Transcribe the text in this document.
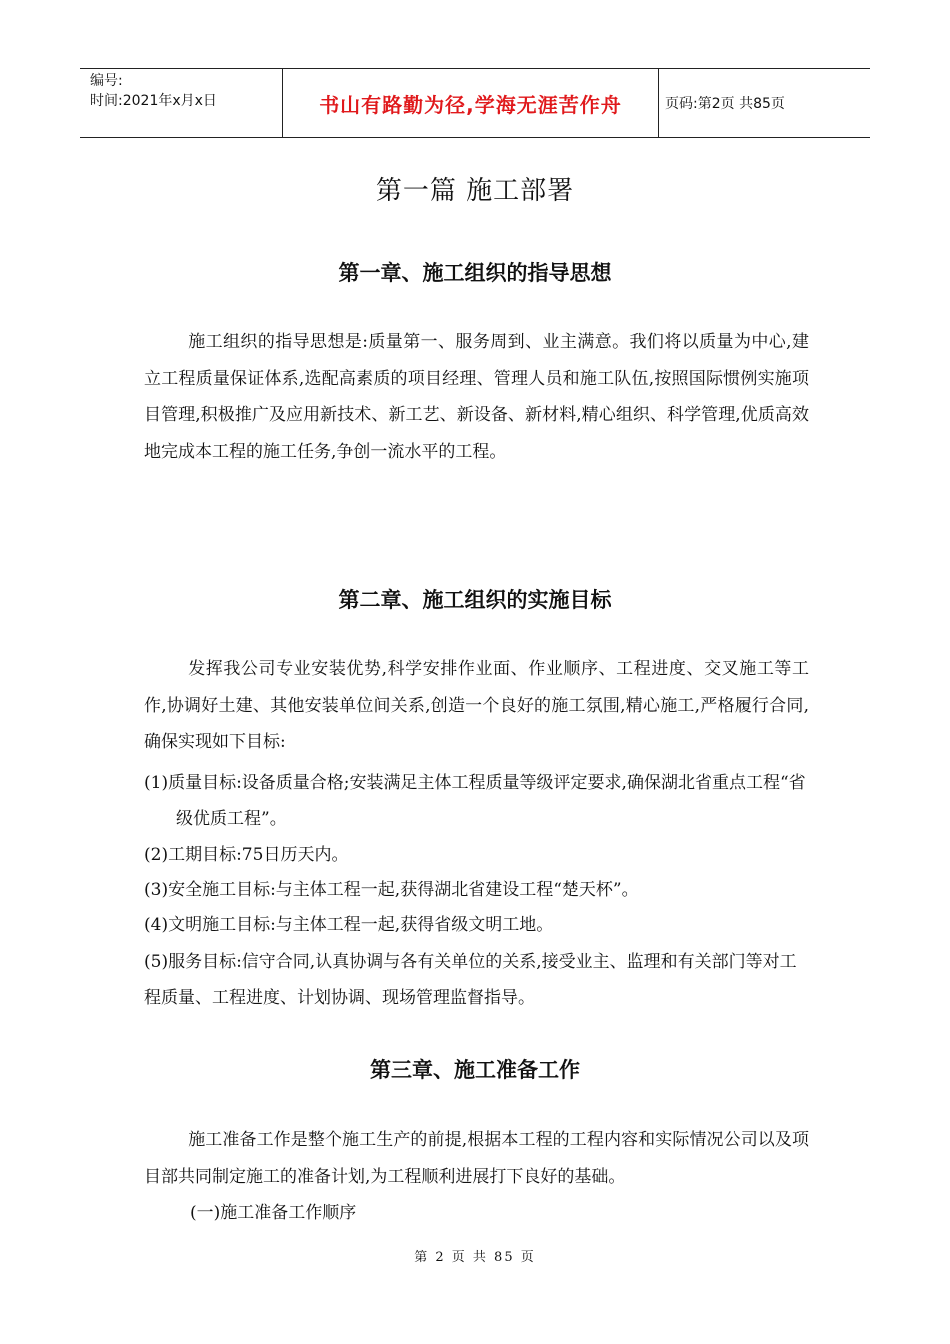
编号:
时间:2021年x月x日	书山有路勤为径,学海无涯苦作舟	页码:第2页 共85页
第一篇 施工部署
第一章、施工组织的指导思想

施工组织的指导思想是:质量第一、服务周到、业主满意。我们将以质量为中心,建立工程质量保证体系,选配高素质的项目经理、管理人员和施工队伍,按照国际惯例实施项目管理,积极推广及应用新技术、新工艺、新设备、新材料,精心组织、科学管理,优质高效地完成本工程的施工任务,争创一流水平的工程。

第二章、施工组织的实施目标

发挥我公司专业安装优势,科学安排作业面、作业顺序、工程进度、交叉施工等工作,协调好土建、其他安装单位间关系,创造一个良好的施工氛围,精心施工,严格履行合同,确保实现如下目标:

(1)质量目标:设备质量合格;安装满足主体工程质量等级评定要求,确保湖北省重点工程“省级优质工程”。

(2)工期目标:75日历天内。

(3)安全施工目标:与主体工程一起,获得湖北省建设工程“楚天杯”。

(4)文明施工目标:与主体工程一起,获得省级文明工地。

(5)服务目标:信守合同,认真协调与各有关单位的关系,接受业主、监理和有关部门等对工程质量、工程进度、计划协调、现场管理监督指导。

第三章、施工准备工作

施工准备工作是整个施工生产的前提,根据本工程的工程内容和实际情况公司以及项目部共同制定施工的准备计划,为工程顺利进展打下良好的基础。

(一)施工准备工作顺序

第 2 页 共 85 页
